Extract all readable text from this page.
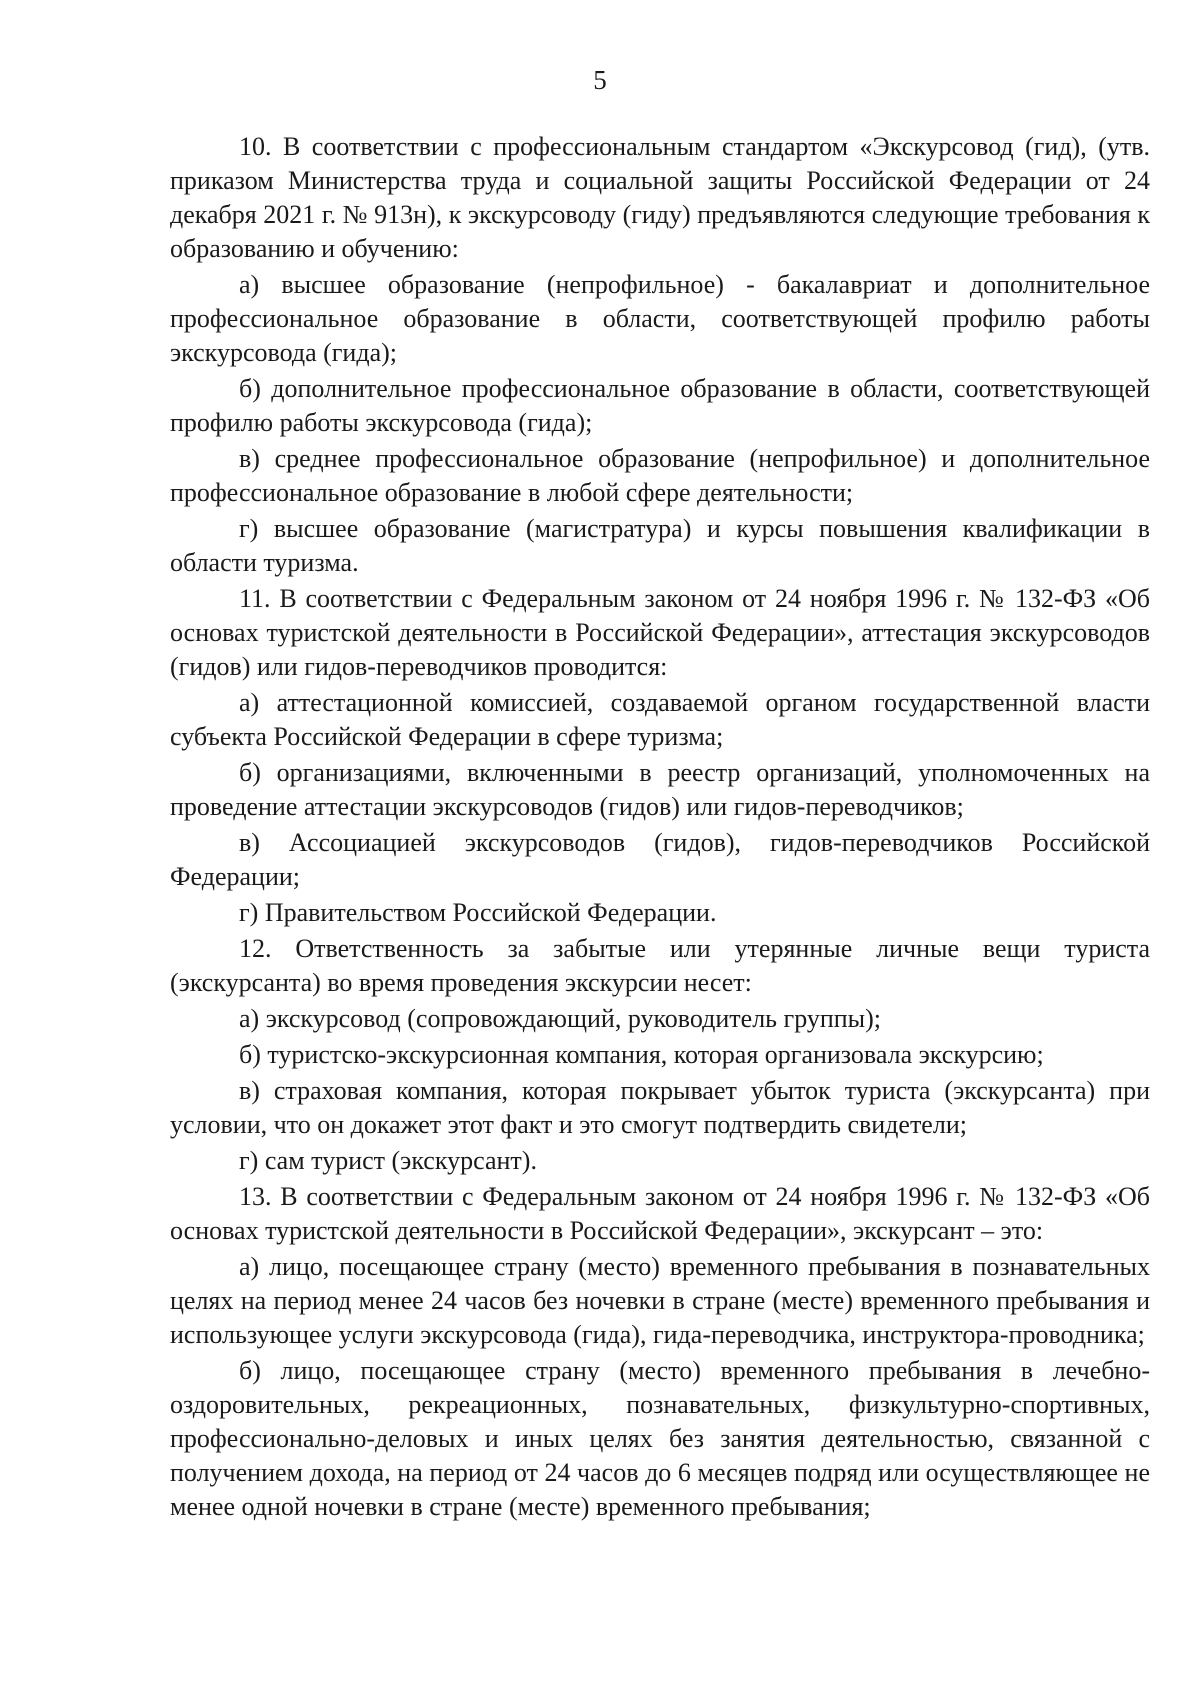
5

10. В соответствии с профессиональным стандартом «Экскурсовод (гид), (утв. приказом Министерства труда и социальной защиты Российской Федерации от 24 декабря 2021 г. № 913н), к экскурсоводу (гиду) предъявляются следующие требования к образованию и обучению:

а) высшее образование (непрофильное) - бакалавриат и дополнительное профессиональное образование в области, соответствующей профилю работы экскурсовода (гида);

б) дополнительное профессиональное образование в области, соответствующей профилю работы экскурсовода (гида);

в) среднее профессиональное образование (непрофильное) и дополнительное профессиональное образование в любой сфере деятельности;

г) высшее образование (магистратура) и курсы повышения квалификации в области туризма.

11. В соответствии с Федеральным законом от 24 ноября 1996 г. № 132-ФЗ «Об основах туристской деятельности в Российской Федерации», аттестация экскурсоводов (гидов) или гидов-переводчиков проводится:

а) аттестационной комиссией, создаваемой органом государственной власти субъекта Российской Федерации в сфере туризма;

б) организациями, включенными в реестр организаций, уполномоченных на проведение аттестации экскурсоводов (гидов) или гидов-переводчиков;

в) Ассоциацией экскурсоводов (гидов), гидов-переводчиков Российской Федерации;

г) Правительством Российской Федерации.

12. Ответственность за забытые или утерянные личные вещи туриста (экскурсанта) во время проведения экскурсии несет:

а) экскурсовод (сопровождающий, руководитель группы);

б) туристско-экскурсионная компания, которая организовала экскурсию;

в) страховая компания, которая покрывает убыток туриста (экскурсанта) при условии, что он докажет этот факт и это смогут подтвердить свидетели;

г) сам турист (экскурсант).

13. В соответствии с Федеральным законом от 24 ноября 1996 г. № 132-ФЗ «Об основах туристской деятельности в Российской Федерации», экскурсант – это:

а) лицо, посещающее страну (место) временного пребывания в познавательных целях на период менее 24 часов без ночевки в стране (месте) временного пребывания и использующее услуги экскурсовода (гида), гида-переводчика, инструктора-проводника;

б) лицо, посещающее страну (место) временного пребывания в лечебно-оздоровительных, рекреационных, познавательных, физкультурно-спортивных, профессионально-деловых и иных целях без занятия деятельностью, связанной с получением дохода, на период от 24 часов до 6 месяцев подряд или осуществляющее не менее одной ночевки в стране (месте) временного пребывания;
